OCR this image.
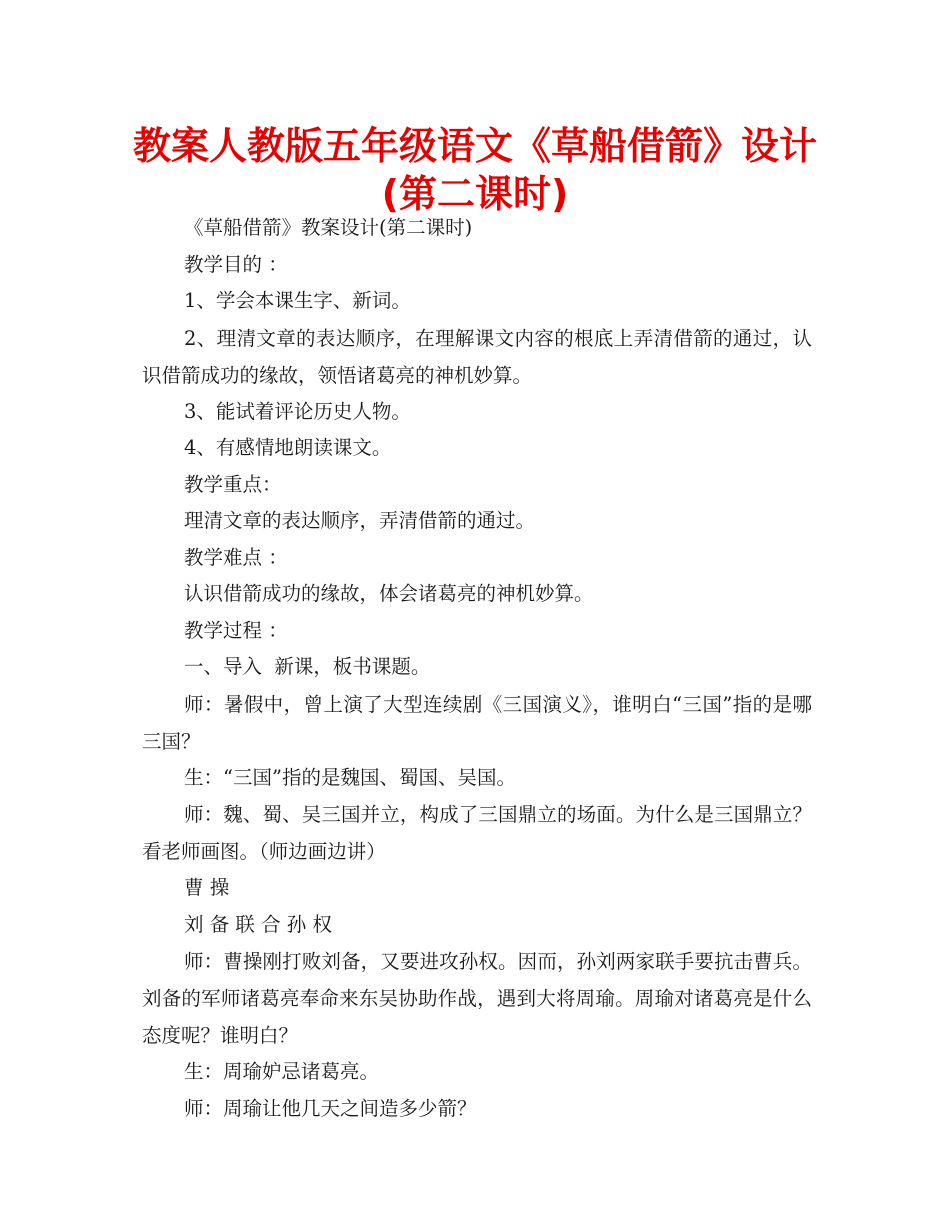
教案人教版五年级语文《草船借箭》设计
(第二课时)

《草船借箭》教案设计(第二课时)

教学目的 ：

1、学会本课生字、新词。

2、理清文章的表达顺序，在理解课文内容的根底上弄清借箭的通过，认识借箭成功的缘故，领悟诸葛亮的神机妙算。

3、能试着评论历史人物。

4、有感情地朗读课文。

教学重点：

理清文章的表达顺序，弄清借箭的通过。

教学难点 ：

认识借箭成功的缘故，体会诸葛亮的神机妙算。

教学过程 ：

一、导入  新课，板书课题。

师：暑假中，曾上演了大型连续剧《三国演义》，谁明白“三国”指的是哪三国？

生：“三国”指的是魏国、蜀国、吴国。

师：魏、蜀、吴三国并立，构成了三国鼎立的场面。为什么是三国鼎立？看老师画图。（师边画边讲）

曹 操

刘 备 联 合 孙 权

师：曹操刚打败刘备，又要进攻孙权。因而，孙刘两家联手要抗击曹兵。刘备的军师诸葛亮奉命来东吴协助作战，遇到大将周瑜。周瑜对诸葛亮是什么态度呢？谁明白？

生：周瑜妒忌诸葛亮。

师：周瑜让他几天之间造多少箭？
